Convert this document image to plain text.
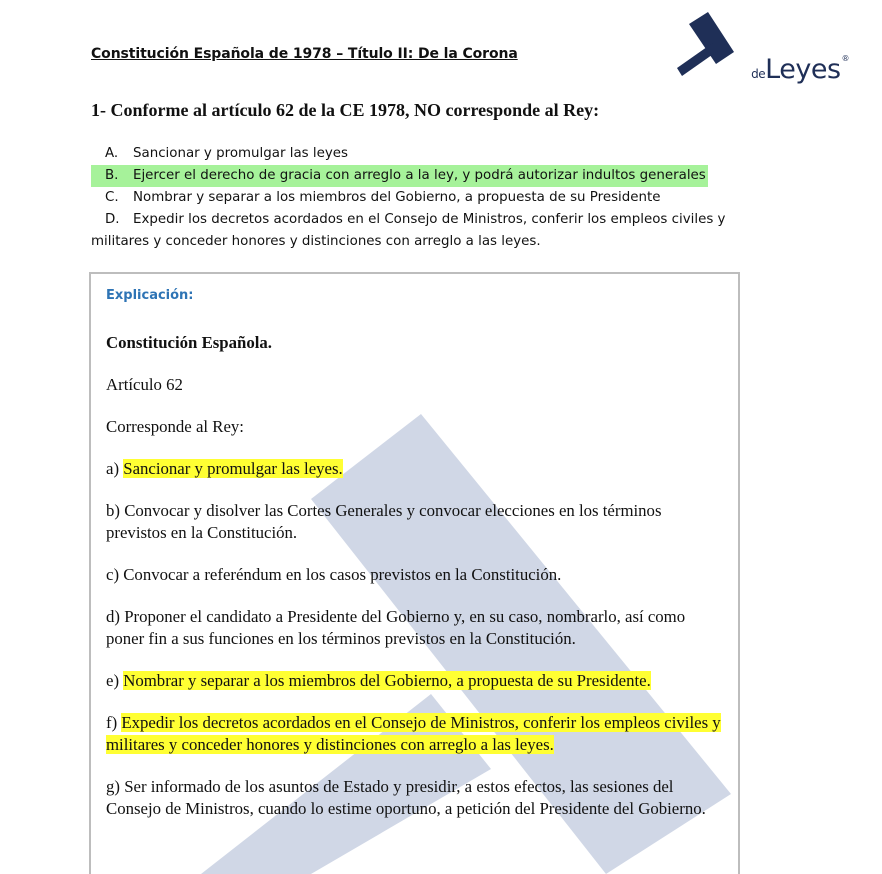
Constitución Española de 1978 – Título II: De la Corona
deLeyes®
1- Conforme al artículo 62 de la CE 1978, NO corresponde al Rey:
A. Sancionar y promulgar las leyes
B. Ejercer el derecho de gracia con arreglo a la ley, y podrá autorizar indultos generales
C. Nombrar y separar a los miembros del Gobierno, a propuesta de su Presidente
D. Expedir los decretos acordados en el Consejo de Ministros, conferir los empleos civiles y militares y conceder honores y distinciones con arreglo a las leyes.
Explicación:
Constitución Española.
Artículo 62
Corresponde al Rey:
a) Sancionar y promulgar las leyes.
b) Convocar y disolver las Cortes Generales y convocar elecciones en los términos previstos en la Constitución.
c) Convocar a referéndum en los casos previstos en la Constitución.
d) Proponer el candidato a Presidente del Gobierno y, en su caso, nombrarlo, así como poner fin a sus funciones en los términos previstos en la Constitución.
e) Nombrar y separar a los miembros del Gobierno, a propuesta de su Presidente.
f) Expedir los decretos acordados en el Consejo de Ministros, conferir los empleos civiles y militares y conceder honores y distinciones con arreglo a las leyes.
g) Ser informado de los asuntos de Estado y presidir, a estos efectos, las sesiones del Consejo de Ministros, cuando lo estime oportuno, a petición del Presidente del Gobierno.
